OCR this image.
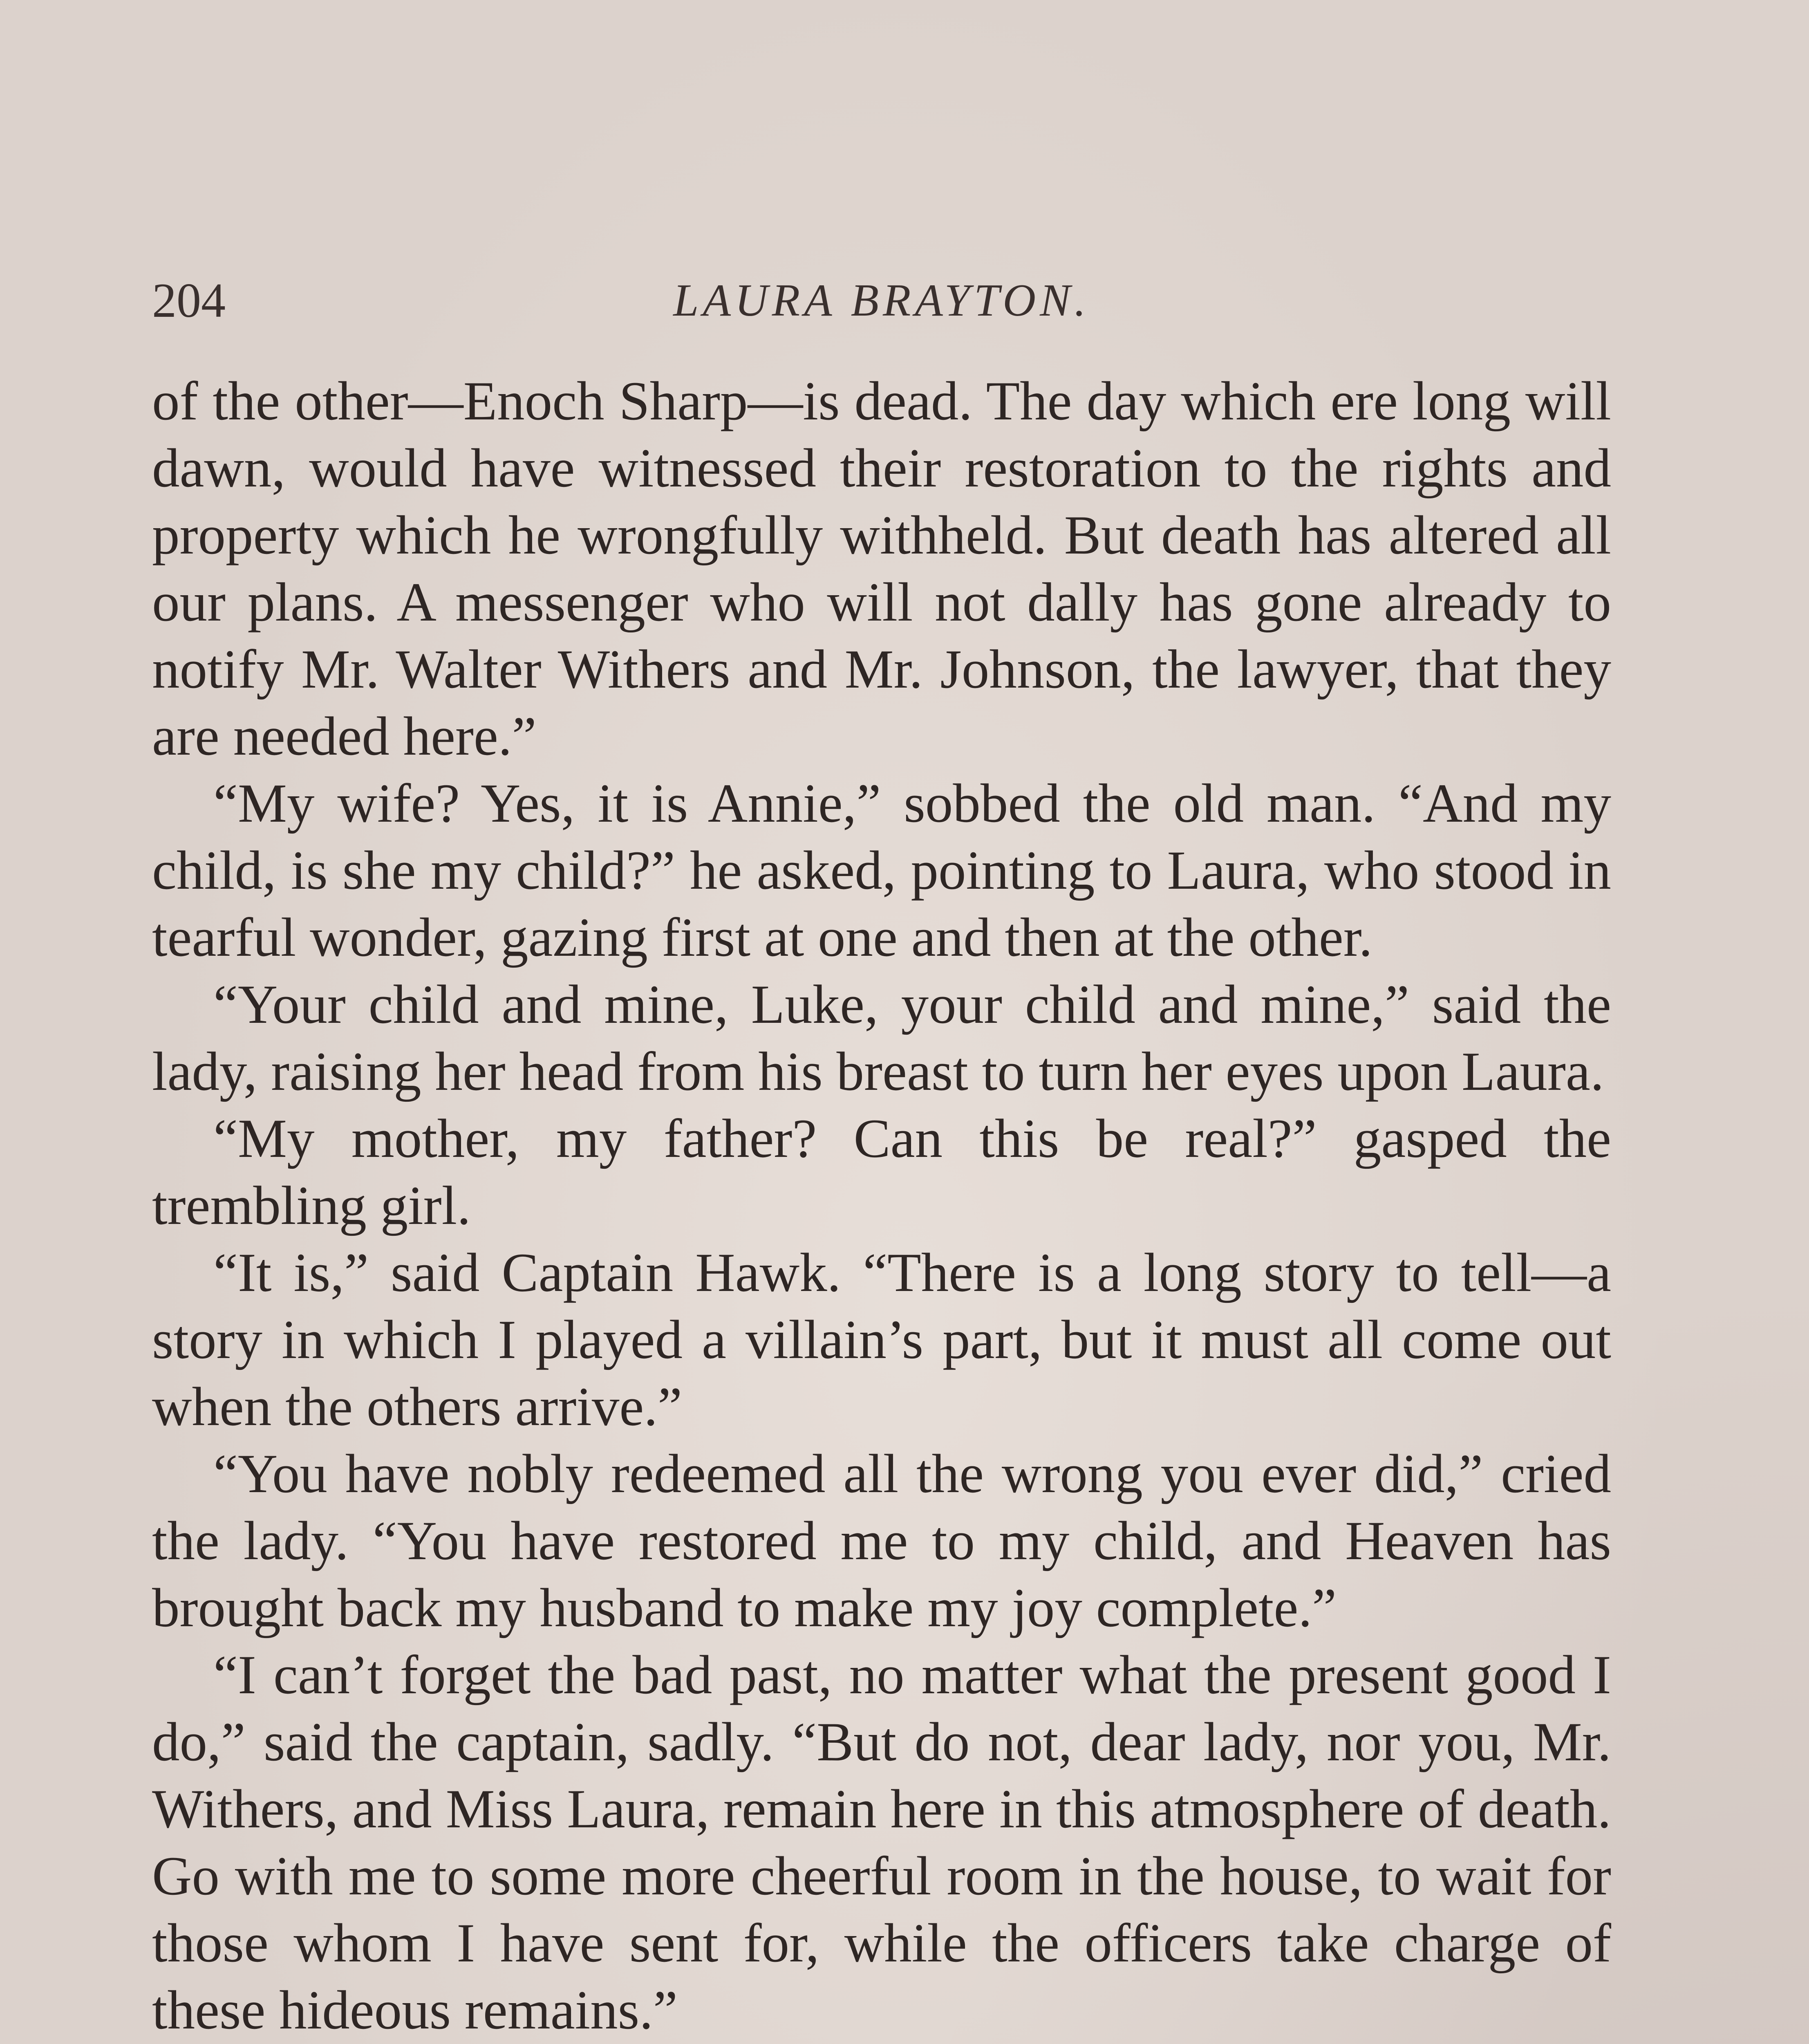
204	LAURA BRAYTON.

of the other—Enoch Sharp—is dead. The day which ere long will dawn, would have witnessed their restoration to the rights and property which he wrongfully withheld. But death has altered all our plans. A messenger who will not dally has gone already to notify Mr. Walter Withers and Mr. Johnson, the lawyer, that they are needed here.”

“My wife? Yes, it is Annie,” sobbed the old man. “And my child, is she my child?” he asked, pointing to Laura, who stood in tearful wonder, gazing first at one and then at the other.

“Your child and mine, Luke, your child and mine,” said the lady, raising her head from his breast to turn her eyes upon Laura.

“My mother, my father? Can this be real?” gasped the trembling girl.

“It is,” said Captain Hawk. “There is a long story to tell—a story in which I played a villain’s part, but it must all come out when the others arrive.”

“You have nobly redeemed all the wrong you ever did,” cried the lady. “You have restored me to my child, and Heaven has brought back my husband to make my joy complete.”

“I can’t forget the bad past, no matter what the present good I do,” said the captain, sadly. “But do not, dear lady, nor you, Mr. Withers, and Miss Laura, remain here in this atmosphere of death. Go with me to some more cheerful room in the house, to wait for those whom I have sent for, while the officers take charge of these hideous remains.”
